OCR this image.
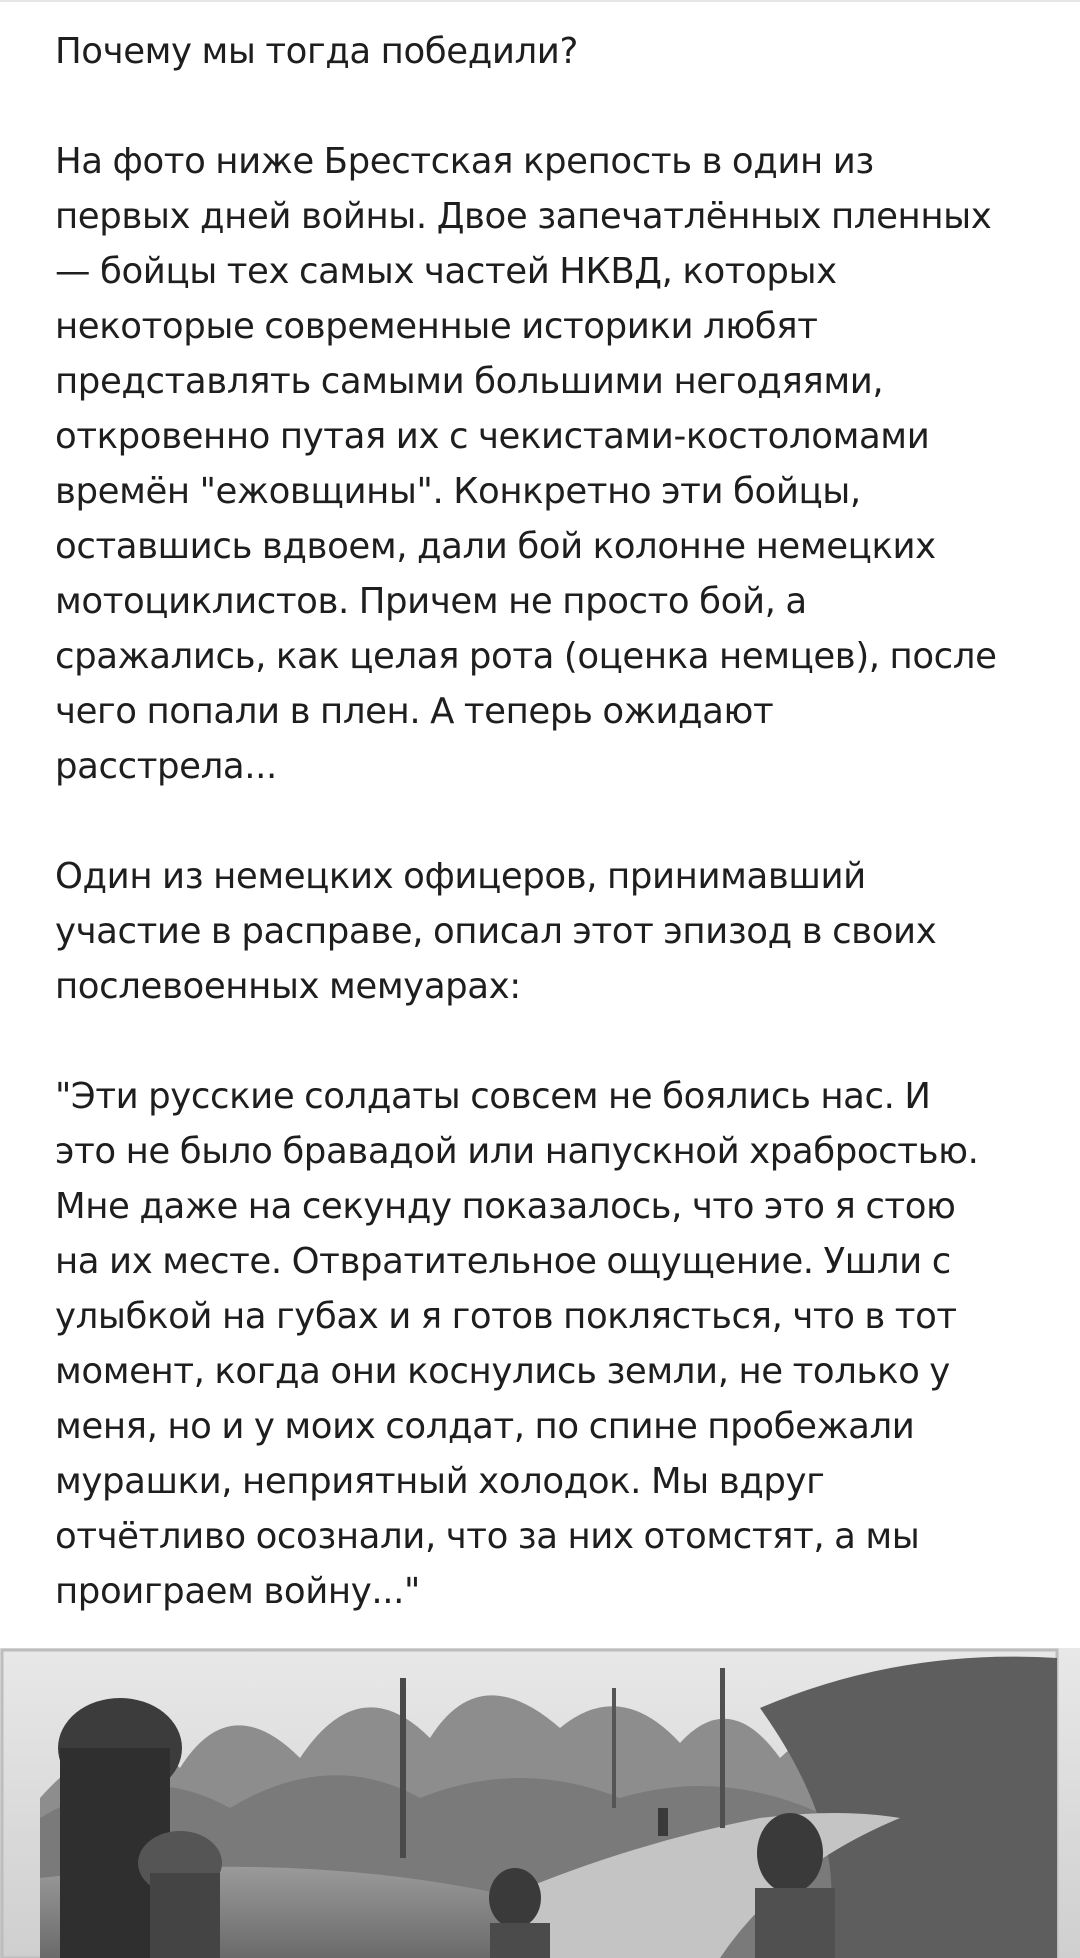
Почему мы тогда победили?

На фото ниже Брестская крепость в один из
первых дней войны. Двое запечатлённых пленных
— бойцы тех самых частей НКВД, которых
некоторые современные историки любят
представлять самыми большими негодяями,
откровенно путая их с чекистами-костоломами
времён "ежовщины". Конкретно эти бойцы,
оставшись вдвоем, дали бой колонне немецких
мотоциклистов. Причем не просто бой, а
сражались, как целая рота (оценка немцев), после
чего попали в плен. А теперь ожидают
расстрела...

Один из немецких офицеров, принимавший
участие в расправе, описал этот эпизод в своих
послевоенных мемуарах:

"Эти русские солдаты совсем не боялись нас. И
это не было бравадой или напускной храбростью.
Мне даже на секунду показалось, что это я стою
на их месте. Отвратительное ощущение. Ушли с
улыбкой на губах и я готов поклясться, что в тот
момент, когда они коснулись земли, не только у
меня, но и у моих солдат, по спине пробежали
мурашки, неприятный холодок. Мы вдруг
отчётливо осознали, что за них отомстят, а мы
проиграем войну..."
